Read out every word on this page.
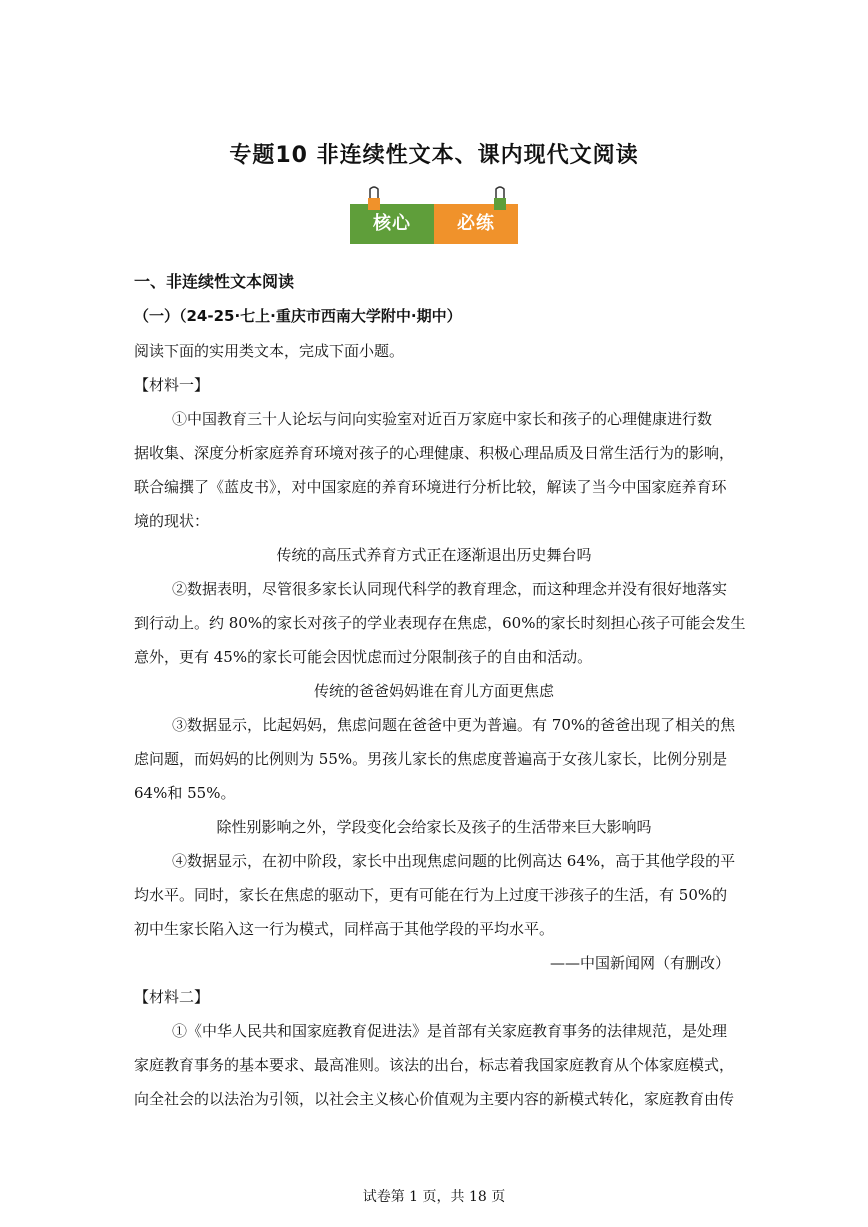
专题10 非连续性文本、课内现代文阅读
核心	必练
一、非连续性文本阅读
（一）（24-25·七上·重庆市西南大学附中·期中）
阅读下面的实用类文本，完成下面小题。
【材料一】
①中国教育三十人论坛与问向实验室对近百万家庭中家长和孩子的心理健康进行数
据收集、深度分析家庭养育环境对孩子的心理健康、积极心理品质及日常生活行为的影响，
联合编撰了《蓝皮书》，对中国家庭的养育环境进行分析比较，解读了当今中国家庭养育环
境的现状：
传统的高压式养育方式正在逐渐退出历史舞台吗
②数据表明，尽管很多家长认同现代科学的教育理念，而这种理念并没有很好地落实
到行动上。约 80%的家长对孩子的学业表现存在焦虑，60%的家长时刻担心孩子可能会发生
意外，更有 45%的家长可能会因忧虑而过分限制孩子的自由和活动。
传统的爸爸妈妈谁在育儿方面更焦虑
③数据显示，比起妈妈，焦虑问题在爸爸中更为普遍。有 70%的爸爸出现了相关的焦
虑问题，而妈妈的比例则为 55%。男孩儿家长的焦虑度普遍高于女孩儿家长，比例分别是
64%和 55%。
除性别影响之外，学段变化会给家长及孩子的生活带来巨大影响吗
④数据显示，在初中阶段，家长中出现焦虑问题的比例高达 64%，高于其他学段的平
均水平。同时，家长在焦虑的驱动下，更有可能在行为上过度干涉孩子的生活，有 50%的
初中生家长陷入这一行为模式，同样高于其他学段的平均水平。
——中国新闻网（有删改）
【材料二】
①《中华人民共和国家庭教育促进法》是首部有关家庭教育事务的法律规范，是处理
家庭教育事务的基本要求、最高准则。该法的出台，标志着我国家庭教育从个体家庭模式，
向全社会的以法治为引领，以社会主义核心价值观为主要内容的新模式转化，家庭教育由传
试卷第 1 页，共 18 页
